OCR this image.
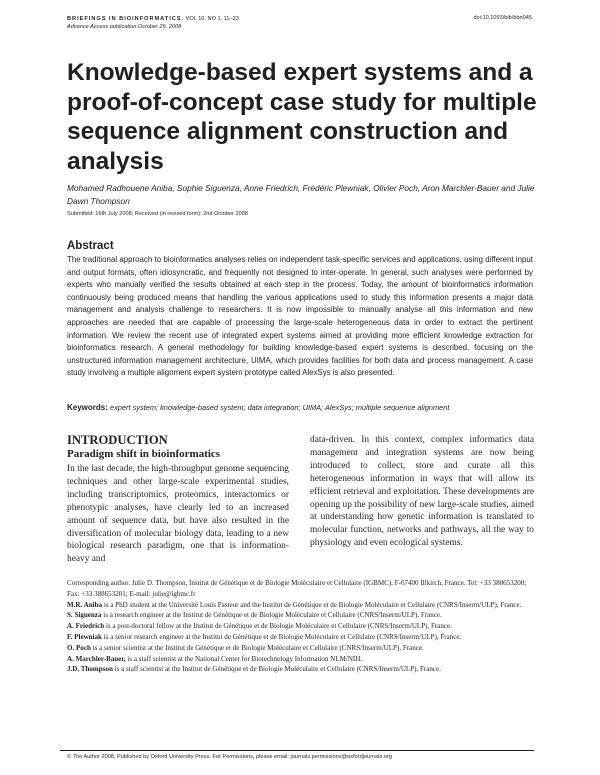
BRIEFINGS IN BIOINFORMATICS. VOL 10. NO 1. 11–23
Advance Access publication October 29, 2008
doi:10.1093/bib/bbn045
Knowledge-based expert systems and a proof-of-concept case study for multiple sequence alignment construction and analysis

Mohamed Radhouene Aniba, Sophie Siguenza, Anne Friedrich, Frédéric Plewniak, Olivier Poch, Aron Marchler-Bauer and Julie Dawn Thompson

Submitted: 16th July 2008; Received (in revised form): 2nd October 2008
Abstract

The traditional approach to bioinformatics analyses relies on independent task-specific services and applications, using different input and output formats, often idiosyncratic, and frequently not designed to inter-operate. In general, such analyses were performed by experts who manually verified the results obtained at each step in the process. Today, the amount of bioinformatics information continuously being produced means that handling the various applications used to study this information presents a major data management and analysis challenge to researchers. It is now impossible to manually analyse all this information and new approaches are needed that are capable of processing the large-scale heterogeneous data in order to extract the pertinent information. We review the recent use of integrated expert systems aimed at providing more efficient knowledge extraction for bioinformatics research. A general methodology for building knowledge-based expert systems is described, focusing on the unstructured information management architecture, UIMA, which provides facilities for both data and process management. A case study involving a multiple alignment expert system prototype called AlexSys is also presented.

Keywords: expert system; knowledge-based system; data integration; UIMA; AlexSys; multiple sequence alignment

INTRODUCTION
Paradigm shift in bioinformatics

In the last decade, the high-throughput genome sequencing techniques and other large-scale experimental studies, including transcriptomics, proteomics, interactomics or phenotypic analyses, have clearly led to an increased amount of sequence data, but have also resulted in the diversification of molecular biology data, leading to a new biological research paradigm, one that is information-heavy and

data-driven. In this context, complex informatics data management and integration systems are now being introduced to collect, store and curate all this heterogeneous information in ways that will allow its efficient retrieval and exploitation. These developments are opening up the possibility of new large-scale studies, aimed at understanding how genetic information is translated to molecular function, networks and pathways, all the way to physiology and even ecological systems.

Corresponding author. Julie D. Thompson, Institut de Génétique et de Biologie Moléculaire et Cellulaire (IGBMC), F-67400 Illkirch, France. Tel: +33 388653200; Fax: +33 388653201; E-mail: julie@igbmc.fr
M.R. Aniba is a PhD student at the Université Louis Pasteur and the Institut de Génétique et de Biologie Moléculaire et Cellulaire (CNRS/Inserm/ULP), France.
S. Siguenza is a research engineer at the Institut de Génétique et de Biologie Moléculaire et Cellulaire (CNRS/Inserm/ULP), France.
A. Friedrich is a post-doctoral fellow at the Institut de Génétique et de Biologie Moléculaire et Cellulaire (CNRS/Inserm/ULP), France.
F. Plewniak is a senior research engineer at the Institut de Génétique et de Biologie Moléculaire et Cellulaire (CNRS/Inserm/ULP), France.
O. Poch is a senior scientist at the Institut de Génétique et de Biologie Moléculaire et Cellulaire (CNRS/Inserm/ULP), France.
A. Marchler-Bauer, is a staff scientist at the National Center for Biotechnology Information NLM/NIH.
J.D. Thompson is a staff scientist at the Institut de Génétique et de Biologie Moléculaire et Cellulaire (CNRS/Inserm/ULP), France.
© The Author 2008. Published by Oxford University Press. For Permissions, please email: journals.permissions@oxfordjournals.org
